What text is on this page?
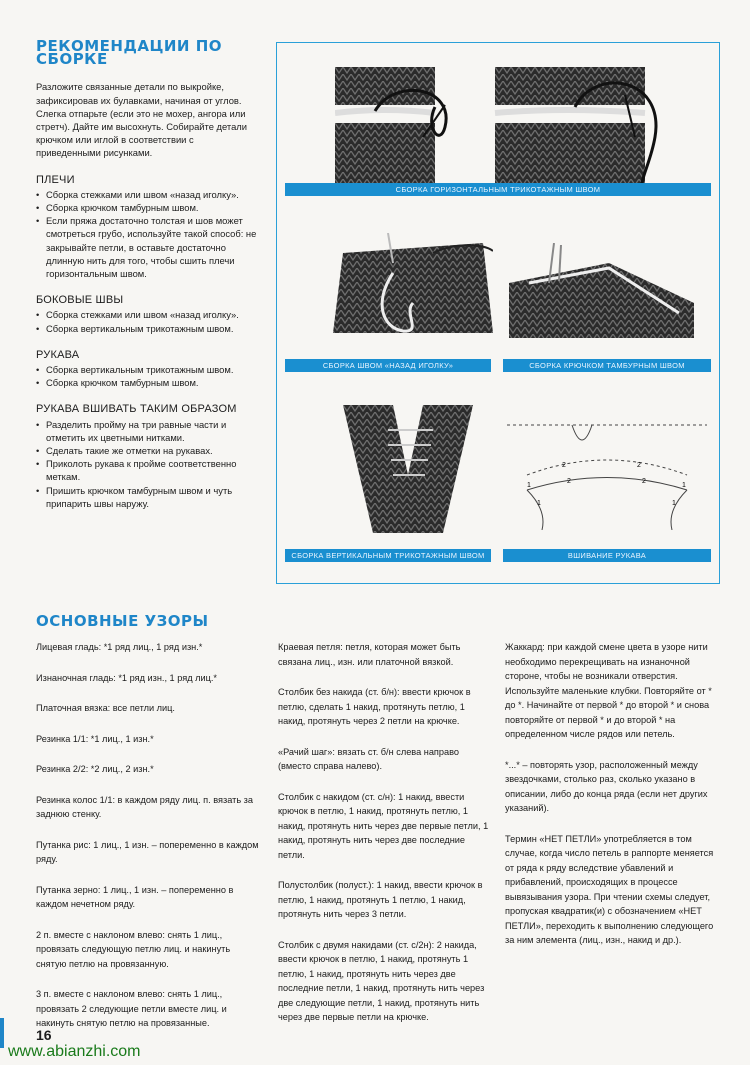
РЕКОМЕНДАЦИИ ПО СБОРКЕ

Разложите связанные детали по выкройке, зафиксировав их булавками, начиная от углов. Слегка отпарьте (если это не мохер, ангора или стретч). Дайте им высохнуть. Собирайте детали крючком или иглой в соответствии с приведенными рисунками.

ПЛЕЧИ
• Сборка стежками или швом «назад иголку».
• Сборка крючком тамбурным швом.
• Если пряжа достаточно толстая и шов может смотреться грубо, используйте такой способ: не закрывайте петли, в оставьте достаточно длинную нить для того, чтобы сшить плечи горизонтальным швом.
БОКОВЫЕ ШВЫ
• Сборка стежками или швом «назад иголку».
• Сборка вертикальным трикотажным швом.
РУКАВА
• Сборка вертикальным трикотажным швом.
• Сборка крючком тамбурным швом.
РУКАВА ВШИВАТЬ ТАКИМ ОБРАЗОМ
• Разделить пройму на три равные части и отметить их цветными нитками.
• Сделать такие же отметки на рукавах.
• Приколоть рукава к пройме соответственно меткам.
• Пришить крючком тамбурным швом и чуть припарить швы наружу.
СБОРКА ГОРИЗОНТАЛЬНЫМ ТРИКОТАЖНЫМ ШВОМ
СБОРКА ШВОМ «НАЗАД ИГОЛКУ»	СБОРКА КРЮЧКОМ ТАМБУРНЫМ ШВОМ
СБОРКА ВЕРТИКАЛЬНЫМ ТРИКОТАЖНЫМ ШВОМ
1
2	2
1
1
2	2
1
ВШИВАНИЕ РУКАВА
ОСНОВНЫЕ УЗОРЫ

Лицевая гладь: *1 ряд лиц., 1 ряд изн.*

Изнаночная гладь: *1 ряд изн., 1 ряд лиц.*

Платочная вязка: все петли лиц.

Резинка 1/1: *1 лиц., 1 изн.*

Резинка 2/2: *2 лиц., 2 изн.*

Резинка колос 1/1: в каждом ряду лиц. п. вязать за заднюю стенку.

Путанка рис: 1 лиц., 1 изн. – попеременно в каждом ряду.

Путанка зерно: 1 лиц., 1 изн. – попеременно в каждом нечетном ряду.

2 п. вместе с наклоном влево: снять 1 лиц., провязать следующую петлю лиц. и накинуть снятую петлю на провязанную.

3 п. вместе с наклоном влево: снять 1 лиц., провязать 2 следующие петли вместе лиц. и накинуть снятую петлю на провязанные.

Краевая петля: петля, которая может быть связана лиц., изн. или платочной вязкой.

Столбик без накида (ст. б/н): ввести крючок в петлю, сделать 1 накид, протянуть петлю, 1 накид, протянуть через 2 петли на крючке.

«Рачий шаг»: вязать ст. б/н слева направо (вместо справа налево).

Столбик с накидом (ст. с/н): 1 накид, ввести крючок в петлю, 1 накид, протянуть петлю, 1 накид, протянуть нить через две первые петли, 1 накид, протянуть нить через две последние петли.

Полустолбик (полуст.): 1 накид, ввести крючок в петлю, 1 накид, протянуть 1 петлю, 1 накид, протянуть нить через 3 петли.

Столбик с двумя накидами (ст. с/2н): 2 накида, ввести крючок в петлю, 1 накид, протянуть 1 петлю, 1 накид, протянуть нить через две последние петли, 1 накид, протянуть нить через две следующие петли, 1 накид, протянуть нить через две первые петли на крючке.

Жаккард: при каждой смене цвета в узоре нити необходимо перекрещивать на изнаночной стороне, чтобы не возникали отверстия. Используйте маленькие клубки. Повторяйте от * до *. Начинайте от первой * до второй * и снова повторяйте от первой * и до второй * на определенном числе рядов или петель.

*...* – повторять узор, расположенный между звездочками, столько раз, сколько указано в описании, либо до конца ряда (если нет других указаний).

Термин «НЕТ ПЕТЛИ» употребляется в том случае, когда число петель в раппорте меняется от ряда к ряду вследствие убавлений и прибавлений, происходящих в процессе вывязывания узора. При чтении схемы следует, пропуская квадратик(и) с обозначением «НЕТ ПЕТЛИ», переходить к выполнению следующего за ним элемента (лиц., изн., накид и др.).

16
www.abianzhi.com
